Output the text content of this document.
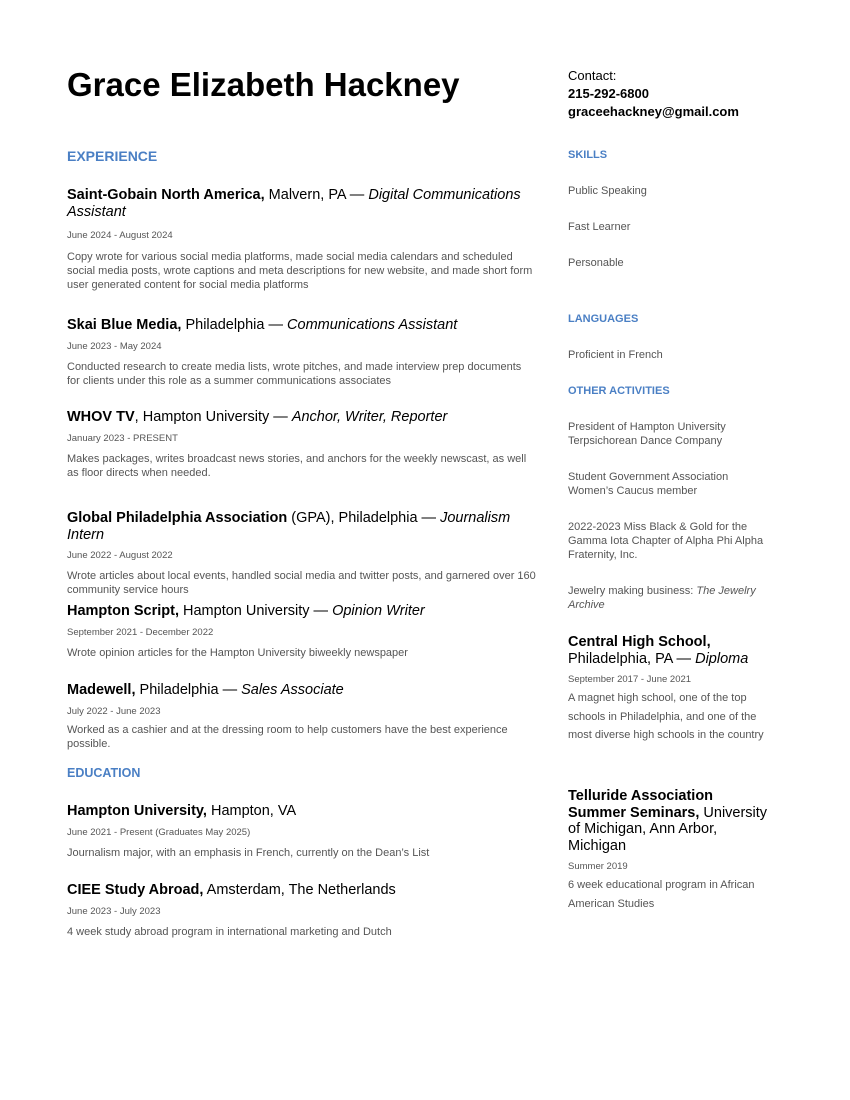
Grace Elizabeth Hackney	Contact:
215-292-6800
graceehackney@gmail.com
EXPERIENCE
Saint-Gobain North America, Malvern, PA — Digital Communications Assistant
June 2024 - August 2024
Copy wrote for various social media platforms, made social media calendars and scheduled social media posts, wrote captions and meta descriptions for new website, and made short form user generated content for social media platforms
Skai Blue Media, Philadelphia — Communications Assistant
June 2023 - May 2024
Conducted research to create media lists, wrote pitches, and made interview prep documents for clients under this role as a summer communications associates
WHOV TV, Hampton University — Anchor, Writer, Reporter
January 2023 - PRESENT
Makes packages, writes broadcast news stories, and anchors for the weekly newscast, as well as floor directs when needed.
Global Philadelphia Association (GPA), Philadelphia — Journalism Intern
June 2022 - August 2022
Wrote articles about local events, handled social media and twitter posts, and garnered over 160 community service hours
Hampton Script, Hampton University — Opinion Writer
September 2021 - December 2022
Wrote opinion articles for the Hampton University biweekly newspaper
Madewell, Philadelphia — Sales Associate
July 2022 - June 2023
Worked as a cashier and at the dressing room to help customers have the best experience possible.
EDUCATION
Hampton University, Hampton, VA
June 2021 - Present (Graduates May 2025)
Journalism major, with an emphasis in French, currently on the Dean’s List
CIEE Study Abroad, Amsterdam, The Netherlands
June 2023 - July 2023
4 week study abroad program in international marketing and Dutch
SKILLS
Public Speaking
Fast Learner
Personable
LANGUAGES
Proficient in French
OTHER ACTIVITIES
President of Hampton University Terpsichorean Dance Company
Student Government Association Women’s Caucus member
2022-2023 Miss Black & Gold for the Gamma Iota Chapter of Alpha Phi Alpha Fraternity, Inc.
Jewelry making business: The Jewelry Archive
Central High School, Philadelphia, PA — Diploma
September 2017 - June 2021
A magnet high school, one of the top schools in Philadelphia, and one of the most diverse high schools in the country
Telluride Association Summer Seminars, University of Michigan, Ann Arbor, Michigan
Summer 2019
6 week educational program in African American Studies
